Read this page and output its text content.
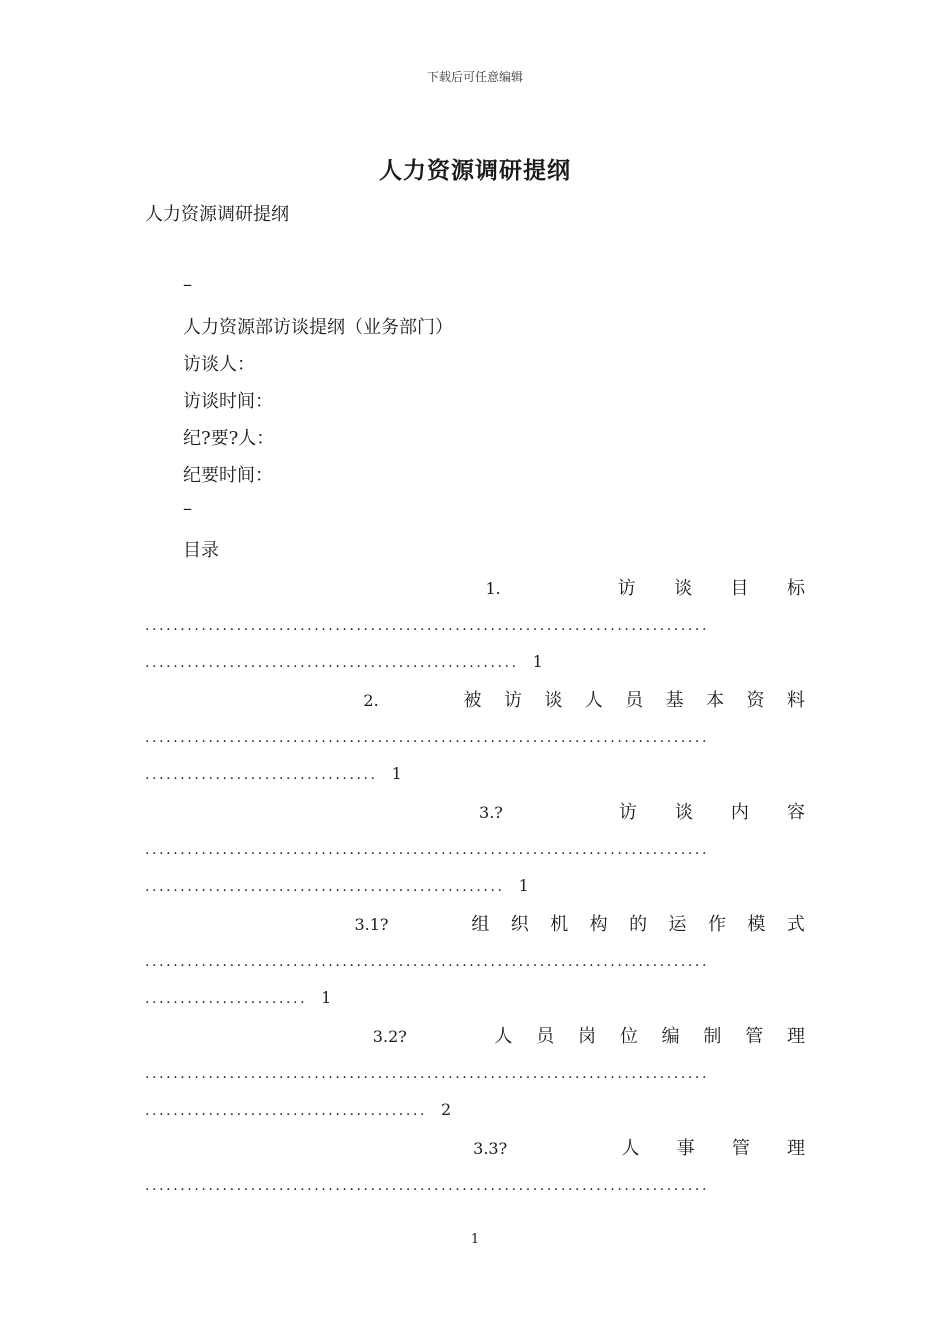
下载后可任意编辑
人力资源调研提纲
人力资源调研提纲
–
人力资源部访谈提纲（业务部门）
访谈人：
访谈时间：
纪?要?人：
纪要时间：
–
目录
1.	访 谈 目 标
................................................................................
..................................................... 1
2.	被 访 谈 人 员 基 本 资 料
................................................................................
................................. 1
3.?	访 谈 内 容
................................................................................
................................................... 1
3.1?	组 织 机 构 的 运 作 模 式
................................................................................
....................... 1
3.2?	人 员 岗 位 编 制 管 理
................................................................................
........................................ 2
3.3?	人 事 管 理
................................................................................
1
